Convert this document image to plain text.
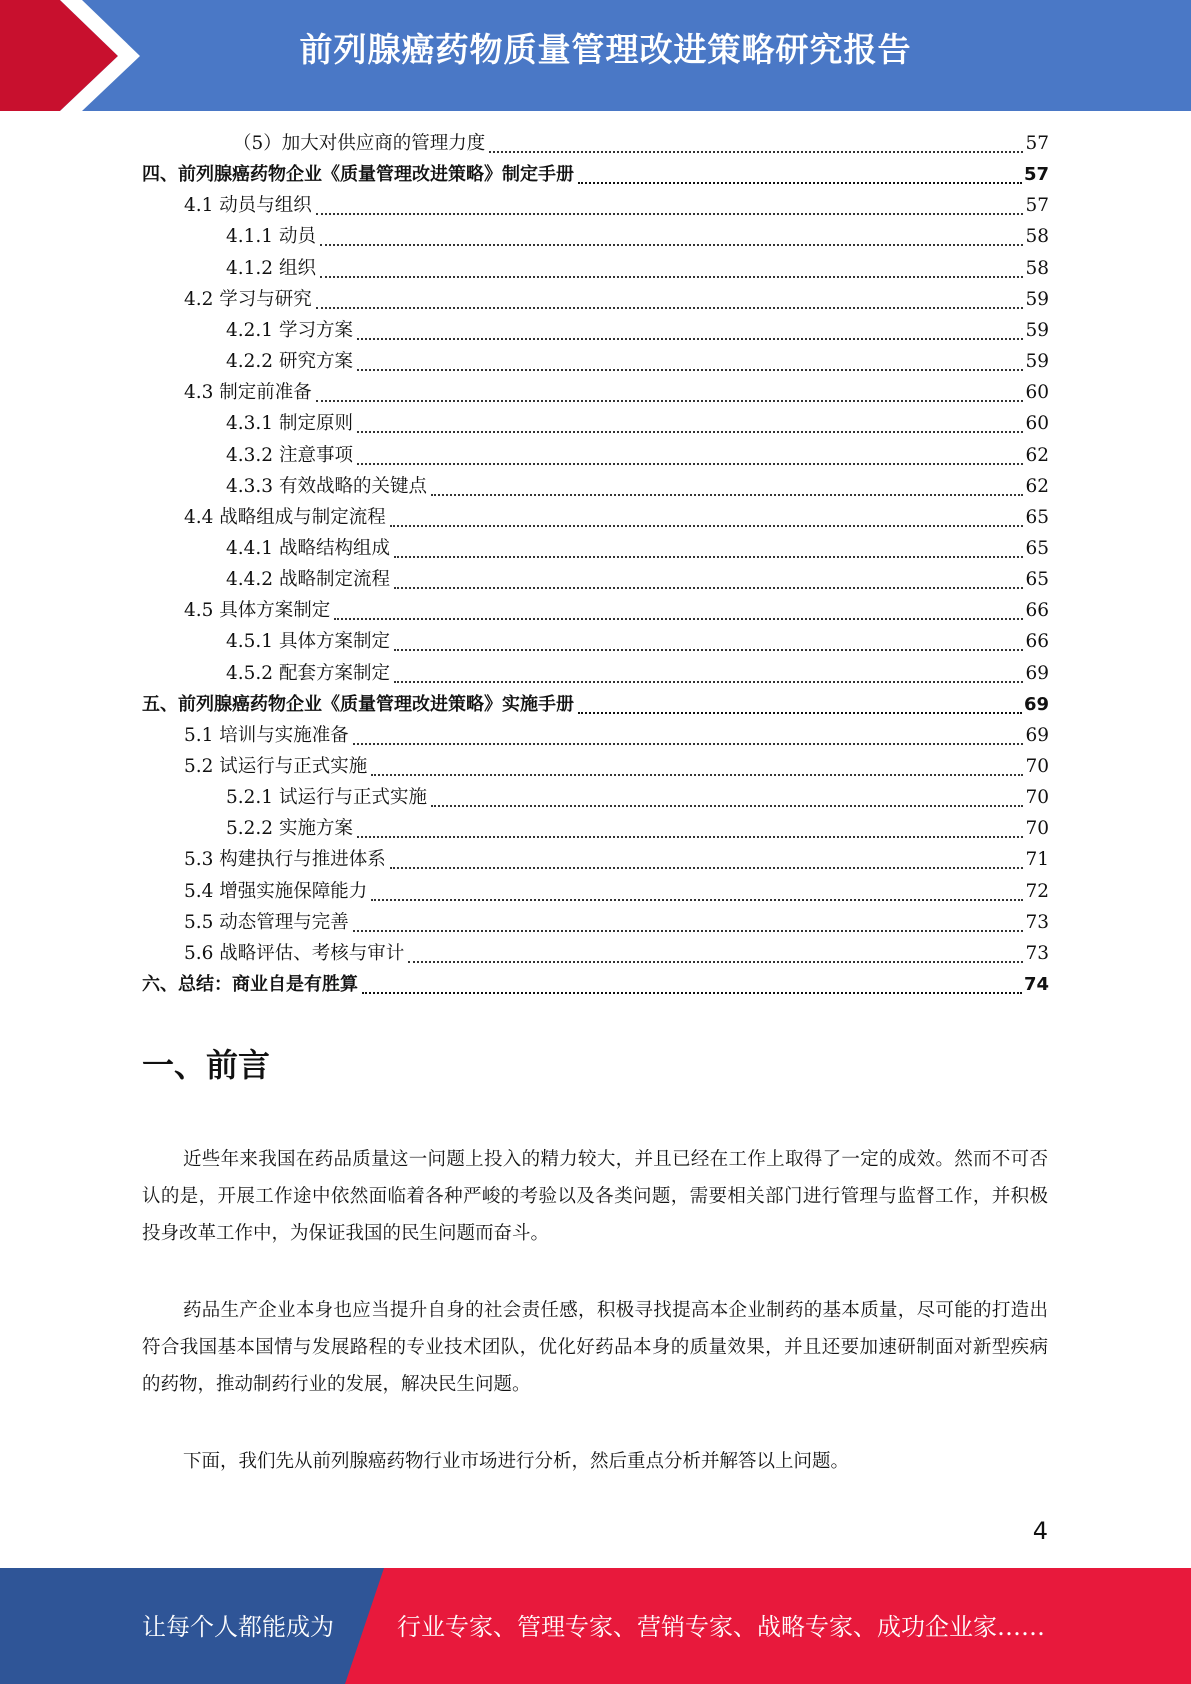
前列腺癌药物质量管理改进策略研究报告
（5）加大对供应商的管理力度	57
四、前列腺癌药物企业《质量管理改进策略》制定手册	57
4.1 动员与组织	57
4.1.1 动员	58
4.1.2 组织	58
4.2 学习与研究	59
4.2.1 学习方案	59
4.2.2 研究方案	59
4.3 制定前准备	60
4.3.1 制定原则	60
4.3.2 注意事项	62
4.3.3 有效战略的关键点	62
4.4 战略组成与制定流程	65
4.4.1 战略结构组成	65
4.4.2 战略制定流程	65
4.5 具体方案制定	66
4.5.1 具体方案制定	66
4.5.2 配套方案制定	69
五、前列腺癌药物企业《质量管理改进策略》实施手册	69
5.1 培训与实施准备	69
5.2 试运行与正式实施	70
5.2.1 试运行与正式实施	70
5.2.2 实施方案	70
5.3 构建执行与推进体系	71
5.4 增强实施保障能力	72
5.5 动态管理与完善	73
5.6 战略评估、考核与审计	73
六、总结：商业自是有胜算	74
一、前言
近些年来我国在药品质量这一问题上投入的精力较大，并且已经在工作上取得了一定的成效。然而不可否认的是，开展工作途中依然面临着各种严峻的考验以及各类问题，需要相关部门进行管理与监督工作，并积极投身改革工作中，为保证我国的民生问题而奋斗。
药品生产企业本身也应当提升自身的社会责任感，积极寻找提高本企业制药的基本质量，尽可能的打造出符合我国基本国情与发展路程的专业技术团队，优化好药品本身的质量效果，并且还要加速研制面对新型疾病的药物，推动制药行业的发展，解决民生问题。
下面，我们先从前列腺癌药物行业市场进行分析，然后重点分析并解答以上问题。
4
让每个人都能成为	行业专家、管理专家、营销专家、战略专家、成功企业家……
